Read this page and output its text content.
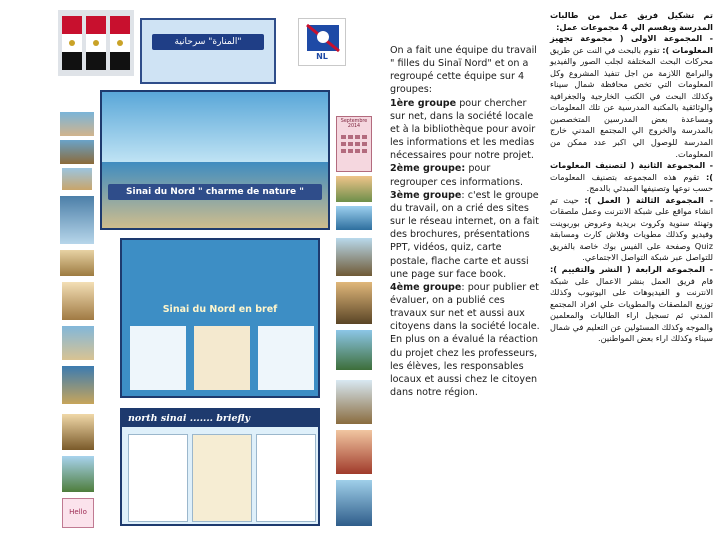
المنارة" سرحانية"
NL
Sinai du Nord " charme de nature "
Septembre 2014
Sinai du Nord en bref
north sinai ....... briefly
Hello

On a fait une équipe du travail " filles du Sinaï Nord" et on a regroupé cette équipe sur 4 groupes:

1ère groupe pour chercher sur net, dans la société locale et à la bibliothèque pour avoir les informations et les medias nécessaires pour notre projet.

2ème groupe: pour regrouper ces informations.

3ème groupe: c'est le groupe du travail, on a crié des sites sur le réseau internet, on a fait des brochures, présentations PPT, vidéos, quiz, carte postale, flache carte et aussi une page sur face book.

4ème groupe: pour publier et évaluer, on a publié ces travaux sur net et aussi aux citoyens dans la société locale. En plus on a évalué la réaction du projet chez les professeurs, les élèves, les responsables locaux et aussi chez le citoyen dans notre région.

تم تشكيل فريق عمل من طالبات المدرسة ويقسم الي 4 مجموعات عمل:

- المجموعة الاولى ( مجموعة تجهيز المعلومات ): تقوم بالبحث في النت عن طريق محركات البحث المختلفة لجلب الصور والفيديو والبرامج اللازمة من اجل تنفيذ المشروع وكل المعلومات التي تخص محافظة شمال سيناء وكذلك البحث في الكتب الخارجية والجغرافية والوثائقية بالمكتبة المدرسية عن تلك المعلومات ومساعدة بعض المدرسين المتخصصين بالمدرسة والخروج الي المجتمع المدني خارج المدرسة للوصول الي اكبر عدد ممكن من المعلومات.

- المجموعة الثانية ( لتصنيف المعلومات ): تقوم هذه المجموعه بتصنيف المعلومات حسب نوعها وتصنيفها المبدئي بالدمج.

- المجموعة الثالثة ( العمل ): حيث تم انشاء مواقع على شبكة الانترنت وعمل ملصقات وتهنئة سنوية وكروت بريدية وعروض بوربوينت وفيديو وكذلك مطويات وفلاش كارت ومسابقة Quiz وصفحة على الفيس بوك خاصة بالفريق للتواصل عبر شبكة التواصل الاجتماعي.

- المجموعة الرابعة ( النشر والتقييم ): قام فريق العمل بنشر الاعمال على شبكة الانترنت و الفيديوهات على اليوتيوب وكذلك توزيع الملصقات والمطويات علي افراد المجتمع المدني ثم تسجيل اراء الطالبات والمعلمين والموجه وكذلك المسئولين عن التعليم في شمال سيناء وكذلك اراء بعض المواطنين.
